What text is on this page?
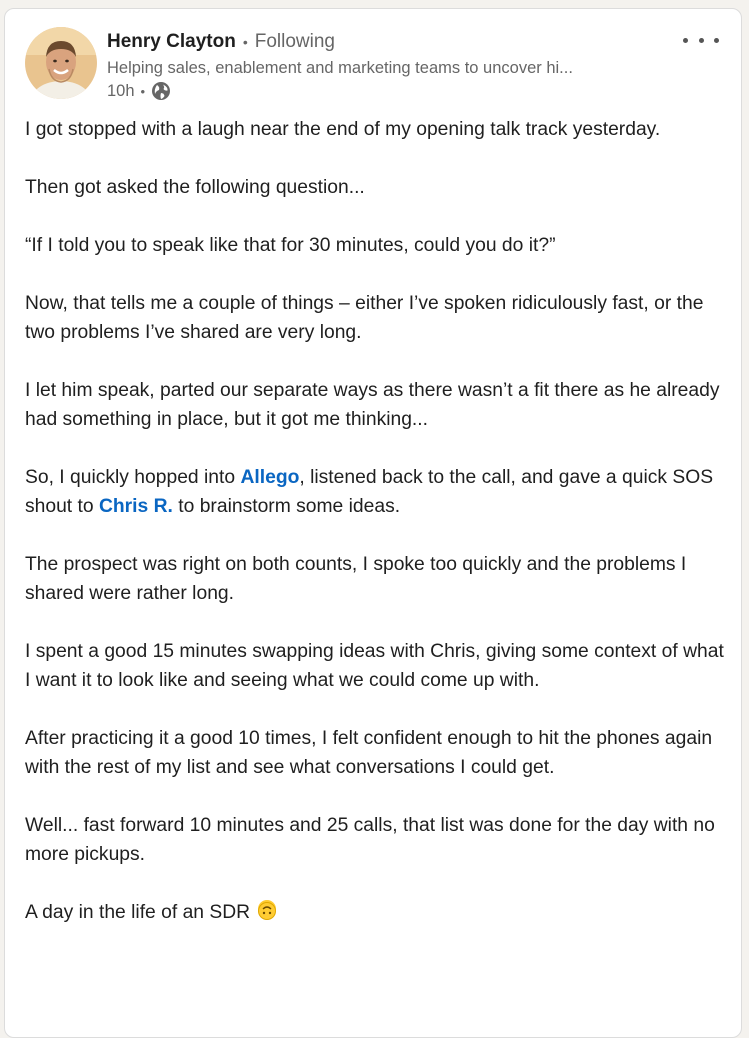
Henry Clayton • Following
Helping sales, enablement and marketing teams to uncover hi...
10h •

I got stopped with a laugh near the end of my opening talk track yesterday.

Then got asked the following question...

“If I told you to speak like that for 30 minutes, could you do it?”

Now, that tells me a couple of things – either I’ve spoken ridiculously fast, or the two problems I’ve shared are very long.

I let him speak, parted our separate ways as there wasn’t a fit there as he already had something in place, but it got me thinking...

So, I quickly hopped into Allego, listened back to the call, and gave a quick SOS shout to Chris R. to brainstorm some ideas.

The prospect was right on both counts, I spoke too quickly and the problems I shared were rather long.

I spent a good 15 minutes swapping ideas with Chris, giving some context of what I want it to look like and seeing what we could come up with.

After practicing it a good 10 times, I felt confident enough to hit the phones again with the rest of my list and see what conversations I could get.

Well... fast forward 10 minutes and 25 calls, that list was done for the day with no more pickups.

A day in the life of an SDR
